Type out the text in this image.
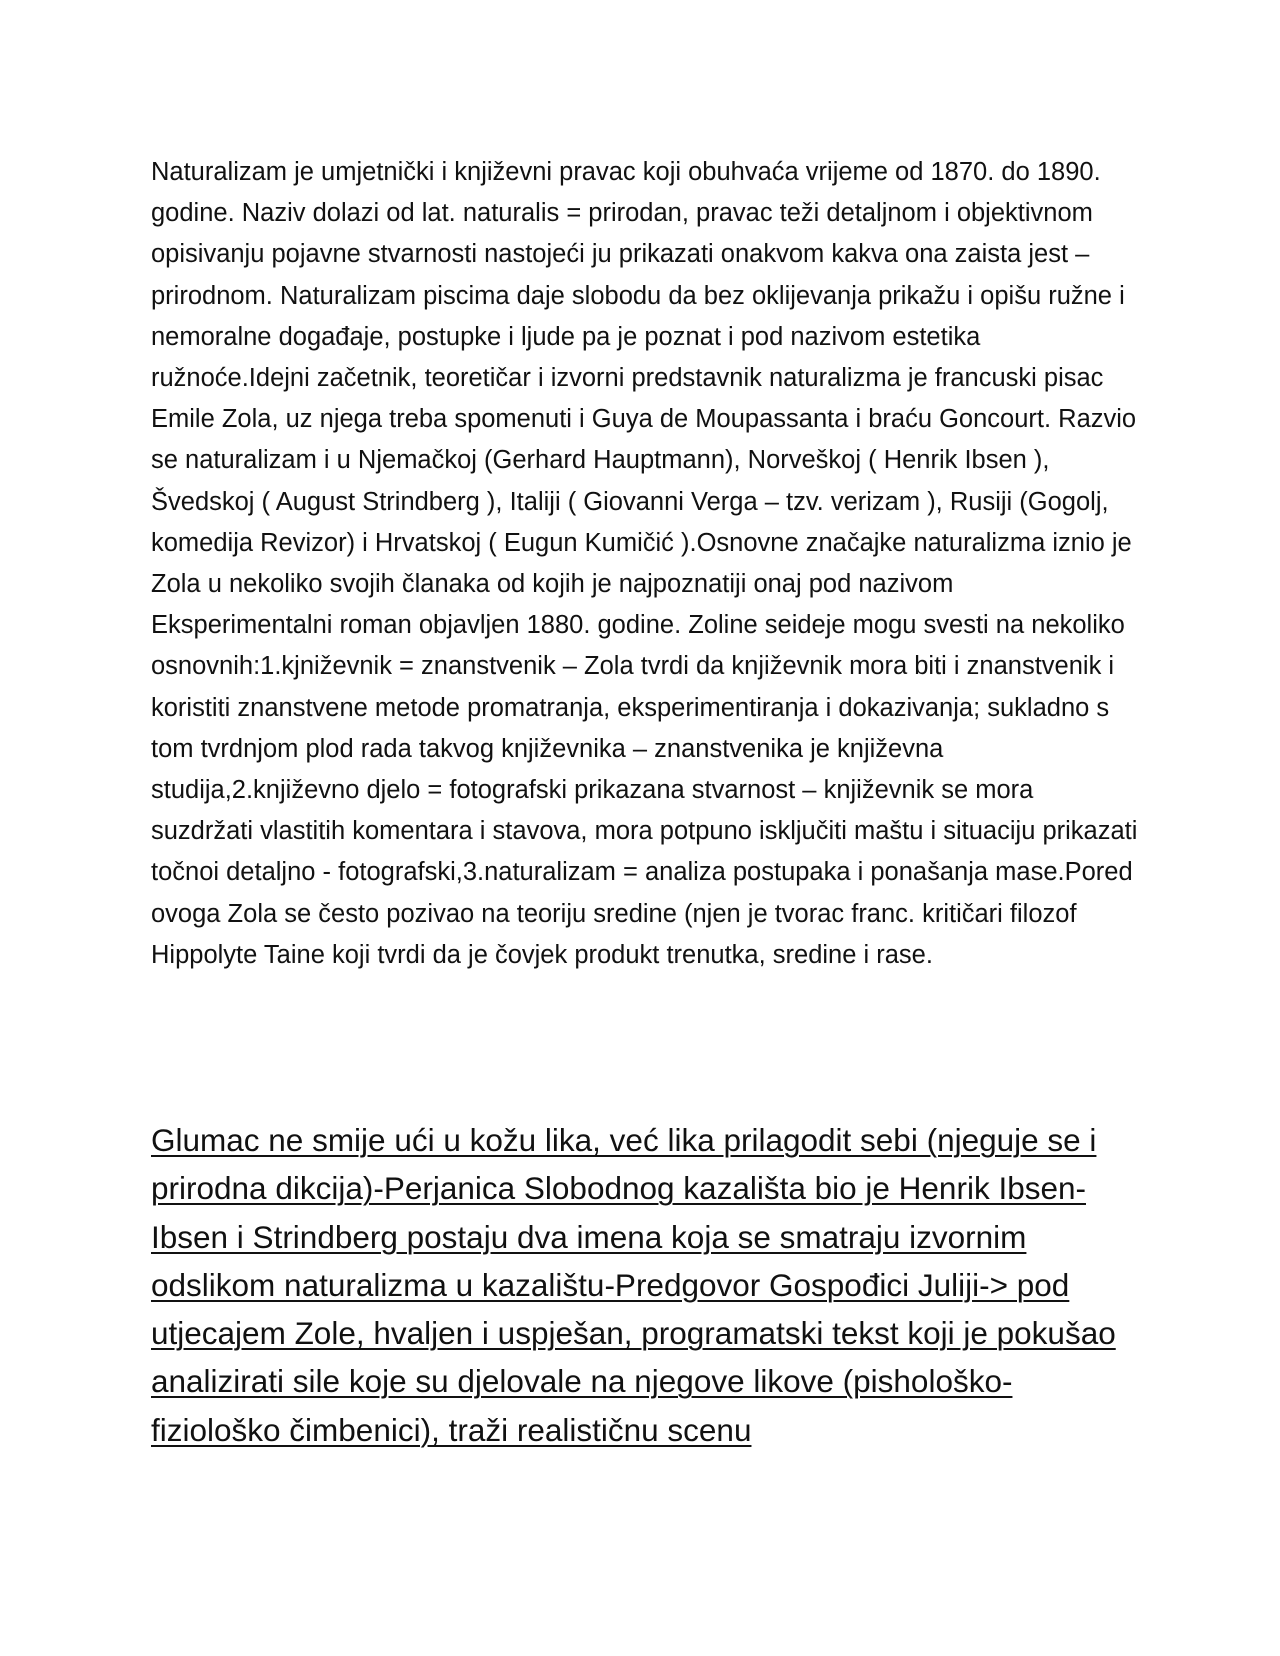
Naturalizam je umjetnički i književni pravac koji obuhvaća vrijeme od 1870. do 1890. godine. Naziv dolazi od lat. naturalis = prirodan, pravac teži detaljnom i objektivnom opisivanju pojavne stvarnosti nastojeći ju prikazati onakvom kakva ona zaista jest – prirodnom. Naturalizam piscima daje slobodu da bez oklijevanja prikažu i opišu ružne i nemoralne događaje, postupke i ljude pa je poznat i pod nazivom estetika ružnoće.Idejni začetnik, teoretičar i izvorni predstavnik naturalizma je francuski pisac Emile Zola, uz njega treba spomenuti i Guya de Moupassanta i braću Goncourt. Razvio se naturalizam i u Njemačkoj (Gerhard Hauptmann), Norveškoj ( Henrik Ibsen ), Švedskoj ( August Strindberg ), Italiji ( Giovanni Verga – tzv. verizam ), Rusiji (Gogolj, komedija Revizor) i Hrvatskoj ( Eugun Kumičić ).Osnovne značajke naturalizma iznio je Zola u nekoliko svojih članaka od kojih je najpoznatiji onaj pod nazivom Eksperimentalni roman objavljen 1880. godine. Zoline seideje mogu svesti na nekoliko osnovnih:1.kjniževnik = znanstvenik – Zola tvrdi da književnik mora biti i znanstvenik i koristiti znanstvene metode promatranja, eksperimentiranja i dokazivanja; sukladno s tom tvrdnjom plod rada takvog književnika – znanstvenika je književna studija,2.književno djelo = fotografski prikazana stvarnost – književnik se mora suzdržati vlastitih komentara i stavova, mora potpuno isključiti maštu i situaciju prikazati točnoi detaljno - fotografski,3.naturalizam = analiza postupaka i ponašanja mase.Pored ovoga Zola se često pozivao na teoriju sredine (njen je tvorac franc. kritičari filozof Hippolyte Taine koji tvrdi da je čovjek produkt trenutka, sredine i rase.

Glumac ne smije ući u kožu lika, već lika prilagodit sebi (njeguje se i prirodna dikcija)-Perjanica Slobodnog kazališta bio je Henrik Ibsen-Ibsen i Strindberg postaju dva imena koja se smatraju izvornim odslikom naturalizma u kazalištu-Predgovor Gospođici Juliji-> pod utjecajem Zole, hvaljen i uspješan, programatski tekst koji je pokušao analizirati sile koje su djelovale na njegove likove (pishološko-fiziološko čimbenici), traži realističnu scenu
